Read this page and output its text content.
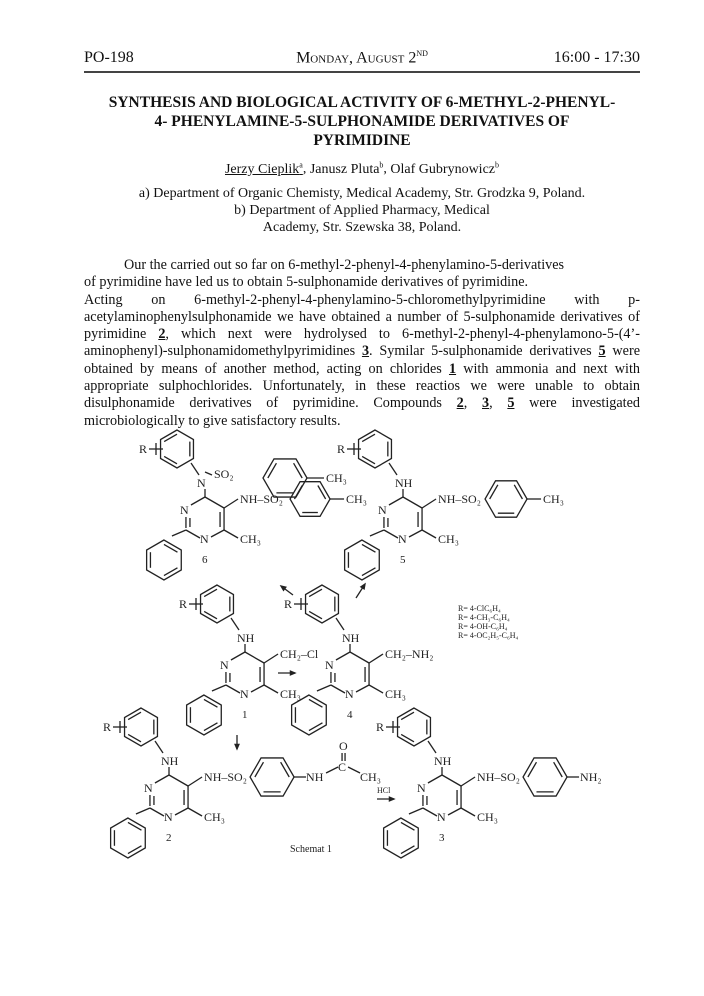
PO-198	Monday, August 2ND	16:00 - 17:30
SYNTHESIS AND BIOLOGICAL ACTIVITY OF 6-METHYL-2-PHENYL-
4- PHENYLAMINE-5-SULPHONAMIDE DERIVATIVES OF
PYRIMIDINE
Jerzy Cieplik$^a$, Janusz Pluta$^b$, Olaf Gubrynowicz$^b$
a) Department of Organic Chemisty, Medical Academy, Str. Grodzka 9, Poland.
b) Department of Applied Pharmacy, Medical
Academy, Str. Szewska 38, Poland.

Our the carried out so far on 6-methyl-2-phenyl-4-phenylamino-5-derivatives

of pyrimidine have led us to obtain 5-sulphonamide derivatives of pyrimidine.

Acting on 6-methyl-2-phenyl-4-phenylamino-5-chloromethylpyrimidine with p-acetylaminophenylsulphonamide we have obtained a number of 5-sulphonamide derivatives of pyrimidine 2, which next were hydrolysed to 6-methyl-2-phenyl-4-phenylamono-5-(4’-aminophenyl)-sulphonamidomethylpyrimidines 3. Symilar 5-sulphonamide derivatives 5 were obtained by means of another method, acting on chlorides 1 with ammonia and next with appropriate sulphochlorides. Unfortunately, in these reactios we were unable to obtain disulphonamide derivatives of pyrimidine. Compounds 2, 3, 5 were investigated microbiologically to give satisfactory results.

N
N	CH₃
6
NH–SO₂	CH₃
N
R
SO₂	CH₃
N
N	CH₃
5
NH–SO₂	CH₃
NH
R
N
N	CH₃
1
CH₂–Cl
NH
R
N
N	CH₃
4
CH₂–NH₂
NH
R
N
N	CH₃
2
NH–SO₂	NH
C
O
CH₃
NH
R
N
N	CH₃
3
NH–SO₂	NH₂
NH
R
HCl
Schemat 1
R= 4-ClC₆H₄
R= 4-CH₃-C₆H₄
R= 4-OH-C₆H₄
R= 4-OC₂H₅-C₆H₄
